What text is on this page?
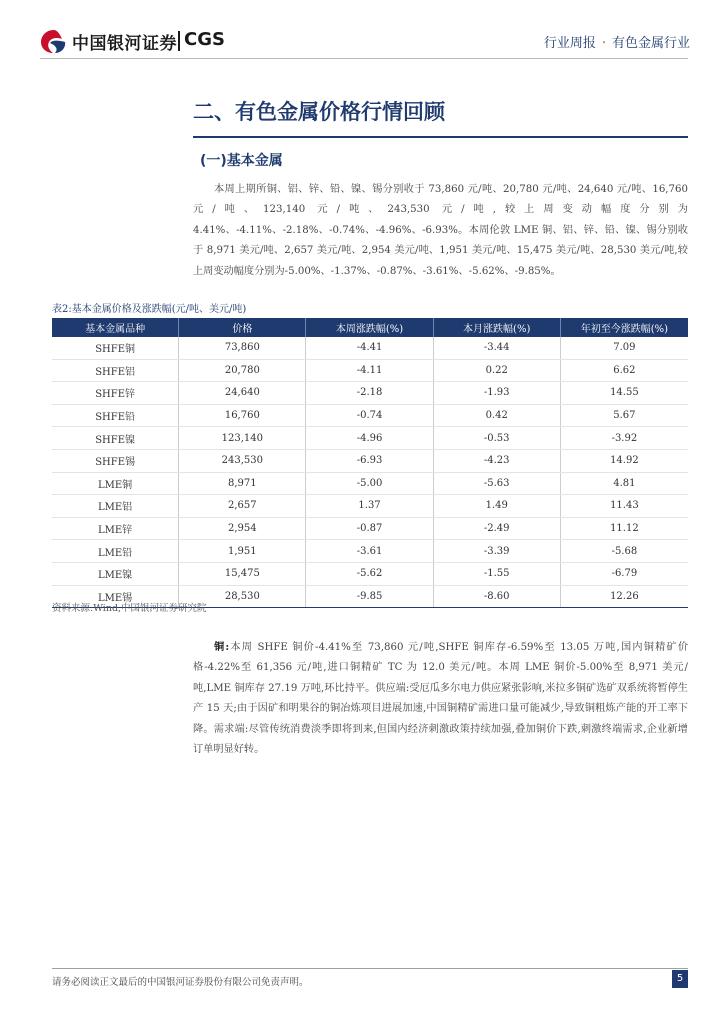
中国银河证券 CGS	行业周报 · 有色金属行业
二、有色金属价格行情回顾
(一)基本金属
本周上期所铜、铝、锌、铅、镍、锡分别收于 73,860 元/吨、20,780 元/吨、24,640 元/吨、16,760 元/吨、123,140 元/吨、243,530 元/吨,较上周变动幅度分别为 4.41%、-4.11%、-2.18%、-0.74%、-4.96%、-6.93%。本周伦敦 LME 铜、铝、锌、铅、镍、锡分别收于 8,971 美元/吨、2,657 美元/吨、2,954 美元/吨、1,951 美元/吨、15,475 美元/吨、28,530 美元/吨,较上周变动幅度分别为-5.00%、-1.37%、-0.87%、-3.61%、-5.62%、-9.85%。
表2:基本金属价格及涨跌幅(元/吨、美元/吨)
基本金属品种	价格	本周涨跌幅(%)	本月涨跌幅(%)	年初至今涨跌幅(%)
SHFE铜	73,860	-4.41	-3.44	7.09
SHFE铝	20,780	-4.11	0.22	6.62
SHFE锌	24,640	-2.18	-1.93	14.55
SHFE铅	16,760	-0.74	0.42	5.67
SHFE镍	123,140	-4.96	-0.53	-3.92
SHFE锡	243,530	-6.93	-4.23	14.92
LME铜	8,971	-5.00	-5.63	4.81
LME铝	2,657	1.37	1.49	11.43
LME锌	2,954	-0.87	-2.49	11.12
LME铅	1,951	-3.61	-3.39	-5.68
LME镍	15,475	-5.62	-1.55	-6.79
LME锡	28,530	-9.85	-8.60	12.26
资料来源:Wind,中国银河证券研究院
铜:本周 SHFE 铜价-4.41%至 73,860 元/吨,SHFE 铜库存-6.59%至 13.05 万吨,国内铜精矿价格-4.22%至 61,356 元/吨,进口铜精矿 TC 为 12.0 美元/吨。本周 LME 铜价-5.00%至 8,971 美元/吨,LME 铜库存 27.19 万吨,环比持平。供应端:受厄瓜多尔电力供应紧张影响,米拉多铜矿选矿双系统将暂停生产 15 天;由于因矿和明果谷的铜冶炼项目进展加速,中国铜精矿需进口量可能减少,导致铜粗炼产能的开工率下降。需求端:尽管传统消费淡季即将到来,但国内经济刺激政策持续加强,叠加铜价下跌,刺激终端需求,企业新增订单明显好转。
请务必阅读正文最后的中国银河证券股份有限公司免责声明。	5
